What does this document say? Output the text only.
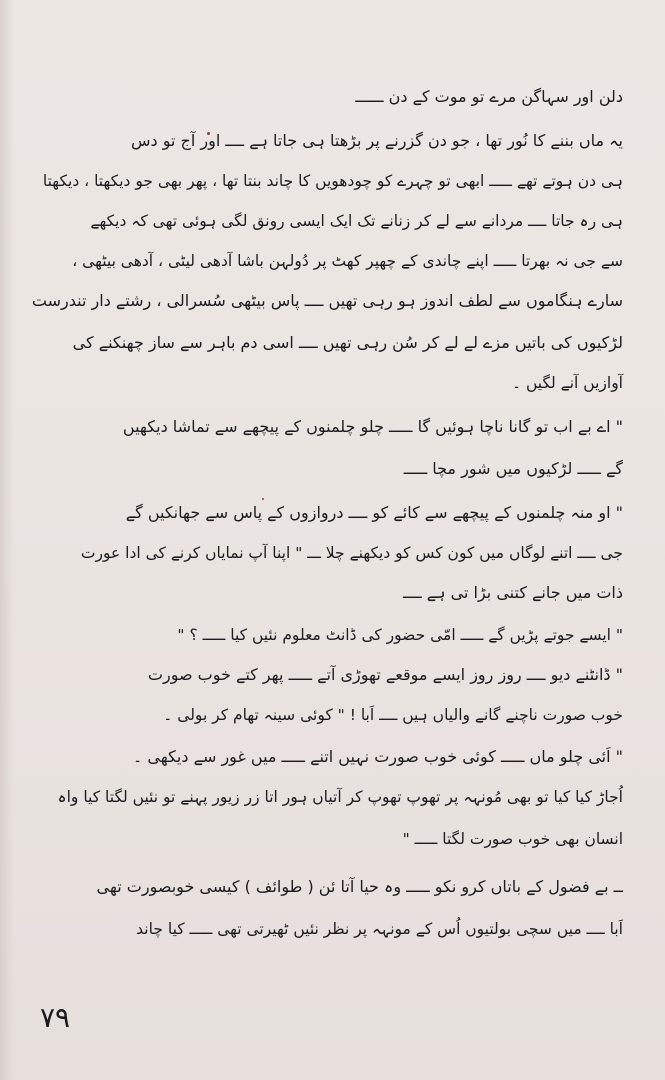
دلن اور سہاگن مرے تو موت کے دن ــــــ
یہ ماں بننے کا نُور تھا ، جو دن گزرنے پر بڑھتا ہی جاتا ہے ــــ اور آج تو دس
ہی دن ہوتے تھے ـــــ ابھی تو چہرے کو چودھویں کا چاند بنتا تھا ، پھر بھی جو دیکھتا ، دیکھتا
ہی رہ جاتا ــــ مردانے سے لے کر زنانے تک ایک ایسی رونق لگی ہوئی تھی کہ دیکھے
سے جی نہ بھرتا ـــــ اپنے چاندی کے چھپر کھٹ پر دُولہن باشا آدھی لیٹی ، آدھی بیٹھی ،
سارے ہنگاموں سے لطف اندوز ہو رہی تھیں ــــ پاس بیٹھی سُسرالی ، رشتے دار تندرست
لڑکیوں کی باتیں مزے لے لے کر سُن رہی تھیں ــــ اسی دم باہر سے ساز چھنکنے کی
آوازیں آنے لگیں ۔
" اے بے اب تو گانا ناچا ہوئیں گا ـــــ چلو چلمنوں کے پیچھے سے تماشا دیکھیں
گے ـــــ لڑکیوں میں شور مچا ـــــ
" او منہ چلمنوں کے پیچھے سے کائے کو ــــ دروازوں کے پاس سے جھانکیں گے
جی ــــ اتنے لوگاں میں کون کس کو دیکھنے چلا ـــ " اپنا آپ نمایاں کرنے کی ادا عورت
ذات میں جانے کتنی بڑا تی ہے ــــ
" ایسے جوتے پڑیں گے ـــــ امّی حضور کی ڈانٹ معلوم نئیں کیا ـــــ ؟ "
" ڈانٹنے دیو ــــ روز روز ایسے موقعے تھوڑی آتے ـــــ پھر کتے خوب صورت
خوب صورت ناچنے گانے والیاں ہیں ــــ اَبا ! " کوئی سینہ تھام کر بولی ۔
" اَئی چلو ماں ـــــ کوئی خوب صورت نہیں اتنے ـــــ میں غور سے دیکھی ۔
اُجاڑ کیا کیا تو بھی مُونہہ پر تھوپ تھوپ کر آتیاں ہور اتا زر زیور پہنے تو نئیں لگتا کیا واہ
انسان بھی خوب صورت لگتا ـــــ "
ــ بے فضول کے باتاں کرو نکو ـــــ وہ حیا آتا ئن ( طوائف ) کیسی خوبصورت تھی
اَبا ــــ میں سچی بولتیوں اُس کے مونہہ پر نظر نئیں ٹھیرتی تھی ـــــ کیا چاند
۷۹
